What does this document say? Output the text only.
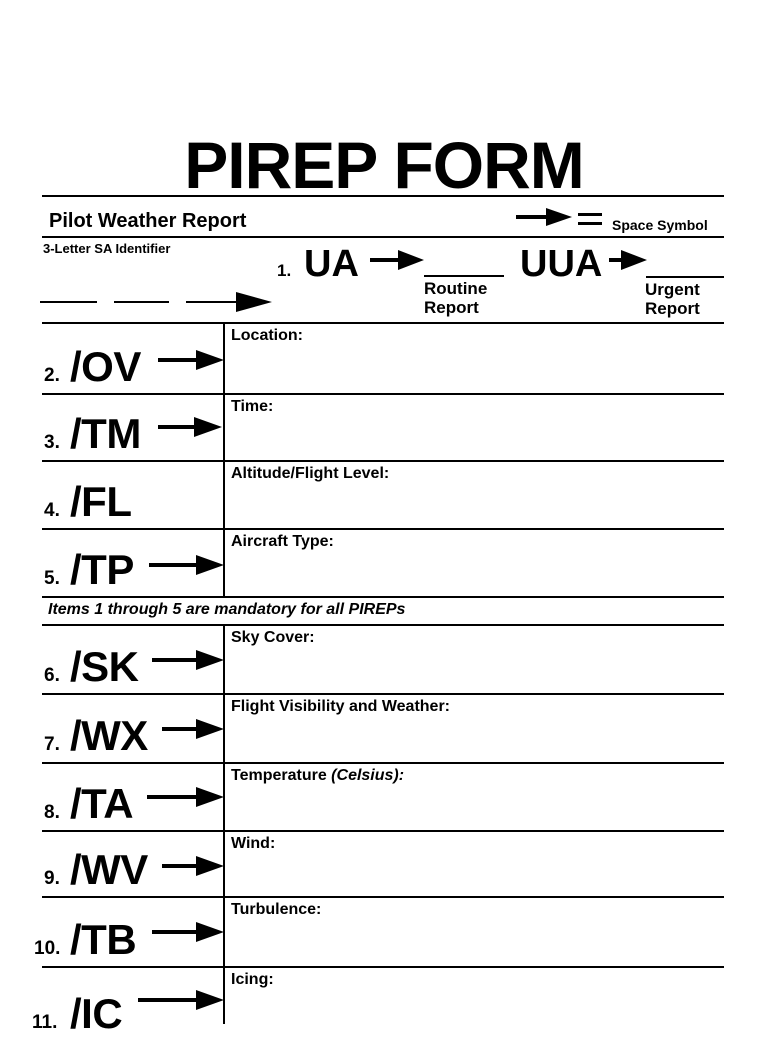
PIREP FORM
Pilot Weather Report	Space Symbol
3-Letter SA Identifier
1. UA
Routine
Report
UUA
Urgent
Report
Items 1 through 5 are mandatory for all PIREPs
2. /OV
Location:
3. /TM
Time:
4. /FL
Altitude/Flight Level:
5. /TP
Aircraft Type:
6. /SK
Sky Cover:
7. /WX
Flight Visibility and Weather:
8. /TA
Temperature (Celsius):
9. /WV
Wind:
10. /TB
Turbulence:
11. /IC
Icing:
